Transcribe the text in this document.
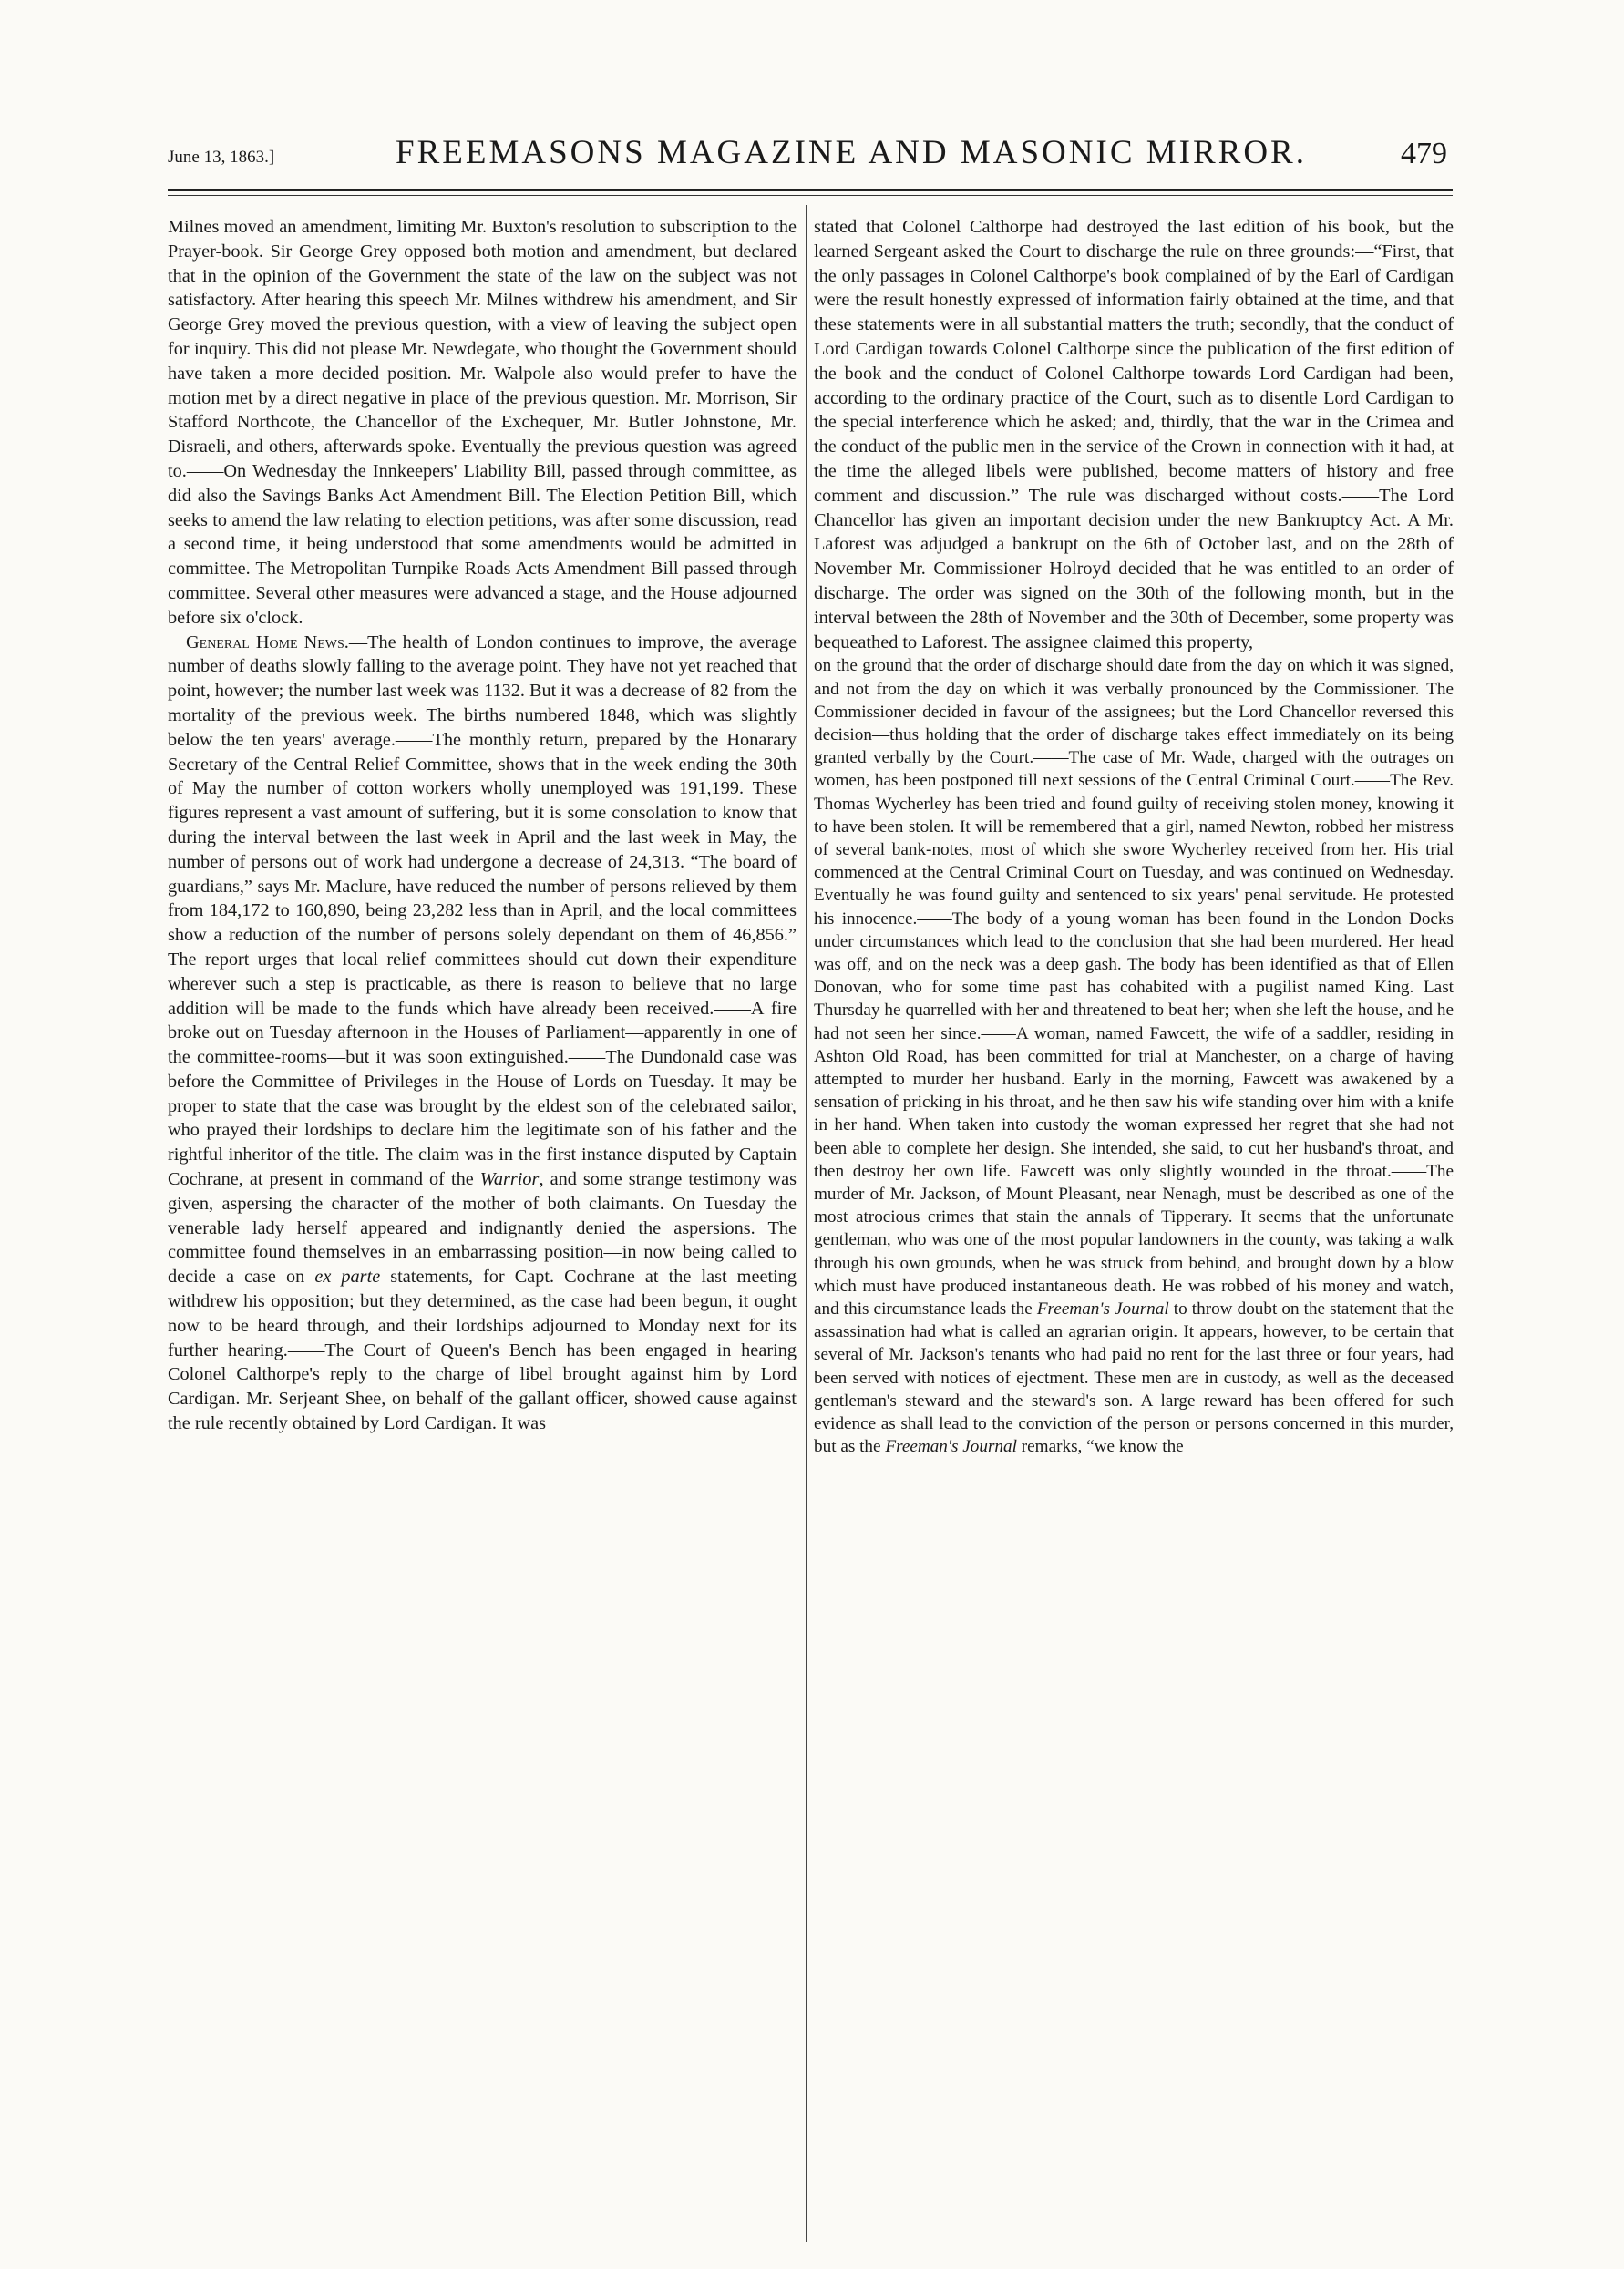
June 13, 1863.]	FREEMASONS MAGAZINE AND MASONIC MIRROR.	479

Milnes moved an amendment, limiting Mr. Buxton's resolution to subscription to the Prayer-book. Sir George Grey opposed both motion and amendment, but declared that in the opinion of the Government the state of the law on the subject was not satisfactory. After hearing this speech Mr. Milnes withdrew his amendment, and Sir George Grey moved the previous question, with a view of leaving the subject open for inquiry. This did not please Mr. Newdegate, who thought the Government should have taken a more decided position. Mr. Walpole also would prefer to have the motion met by a direct negative in place of the previous question. Mr. Morrison, Sir Stafford Northcote, the Chancellor of the Exchequer, Mr. Butler Johnstone, Mr. Disraeli, and others, afterwards spoke. Eventually the previous question was agreed to.——On Wednesday the Innkeepers' Liability Bill, passed through committee, as did also the Savings Banks Act Amendment Bill. The Election Petition Bill, which seeks to amend the law relating to election petitions, was after some discussion, read a second time, it being understood that some amendments would be admitted in committee. The Metropolitan Turnpike Roads Acts Amendment Bill passed through committee. Several other measures were advanced a stage, and the House adjourned before six o'clock.

General Home News.—The health of London continues to improve, the average number of deaths slowly falling to the average point. They have not yet reached that point, however; the number last week was 1132. But it was a decrease of 82 from the mortality of the previous week. The births numbered 1848, which was slightly below the ten years' average.——The monthly return, prepared by the Honarary Secretary of the Central Relief Committee, shows that in the week ending the 30th of May the number of cotton workers wholly unemployed was 191,199. These figures represent a vast amount of suffering, but it is some consolation to know that during the interval between the last week in April and the last week in May, the number of persons out of work had undergone a decrease of 24,313. “The board of guardians,” says Mr. Maclure, have reduced the number of persons relieved by them from 184,172 to 160,890, being 23,282 less than in April, and the local committees show a reduction of the number of persons solely dependant on them of 46,856.” The report urges that local relief committees should cut down their expenditure wherever such a step is practicable, as there is reason to believe that no large addition will be made to the funds which have already been received.——A fire broke out on Tuesday afternoon in the Houses of Parliament—apparently in one of the committee-rooms—but it was soon extinguished.——The Dundonald case was before the Committee of Privileges in the House of Lords on Tuesday. It may be proper to state that the case was brought by the eldest son of the celebrated sailor, who prayed their lordships to declare him the legitimate son of his father and the rightful inheritor of the title. The claim was in the first instance disputed by Captain Cochrane, at present in command of the Warrior, and some strange testimony was given, aspersing the character of the mother of both claimants. On Tuesday the venerable lady herself appeared and indignantly denied the aspersions. The committee found themselves in an embarrassing position—in now being called to decide a case on ex parte statements, for Capt. Cochrane at the last meeting withdrew his opposition; but they determined, as the case had been begun, it ought now to be heard through, and their lordships adjourned to Monday next for its further hearing.——The Court of Queen's Bench has been engaged in hearing Colonel Calthorpe's reply to the charge of libel brought against him by Lord Cardigan. Mr. Serjeant Shee, on behalf of the gallant officer, showed cause against the rule recently obtained by Lord Cardigan. It was

stated that Colonel Calthorpe had destroyed the last edition of his book, but the learned Sergeant asked the Court to discharge the rule on three grounds:—“First, that the only passages in Colonel Calthorpe's book complained of by the Earl of Cardigan were the result honestly expressed of information fairly obtained at the time, and that these statements were in all substantial matters the truth; secondly, that the conduct of Lord Cardigan towards Colonel Calthorpe since the publication of the first edition of the book and the conduct of Colonel Calthorpe towards Lord Cardigan had been, according to the ordinary practice of the Court, such as to disentle Lord Cardigan to the special interference which he asked; and, thirdly, that the war in the Crimea and the conduct of the public men in the service of the Crown in connection with it had, at the time the alleged libels were published, become matters of history and free comment and discussion.” The rule was discharged without costs.——The Lord Chancellor has given an important decision under the new Bankruptcy Act. A Mr. Laforest was adjudged a bankrupt on the 6th of October last, and on the 28th of November Mr. Commissioner Holroyd decided that he was entitled to an order of discharge. The order was signed on the 30th of the following month, but in the interval between the 28th of November and the 30th of December, some property was bequeathed to Laforest. The assignee claimed this property,

on the ground that the order of discharge should date from the day on which it was signed, and not from the day on which it was verbally pronounced by the Commissioner. The Commissioner decided in favour of the assignees; but the Lord Chancellor reversed this decision—thus holding that the order of discharge takes effect immediately on its being granted verbally by the Court.——The case of Mr. Wade, charged with the outrages on women, has been postponed till next sessions of the Central Criminal Court.——The Rev. Thomas Wycherley has been tried and found guilty of receiving stolen money, knowing it to have been stolen. It will be remembered that a girl, named Newton, robbed her mistress of several bank-notes, most of which she swore Wycherley received from her. His trial commenced at the Central Criminal Court on Tuesday, and was continued on Wednesday. Eventually he was found guilty and sentenced to six years' penal servitude. He protested his innocence.——The body of a young woman has been found in the London Docks under circumstances which lead to the conclusion that she had been murdered. Her head was off, and on the neck was a deep gash. The body has been identified as that of Ellen Donovan, who for some time past has cohabited with a pugilist named King. Last Thursday he quarrelled with her and threatened to beat her; when she left the house, and he had not seen her since.——A woman, named Fawcett, the wife of a saddler, residing in Ashton Old Road, has been committed for trial at Manchester, on a charge of having attempted to murder her husband. Early in the morning, Fawcett was awakened by a sensation of pricking in his throat, and he then saw his wife standing over him with a knife in her hand. When taken into custody the woman expressed her regret that she had not been able to complete her design. She intended, she said, to cut her husband's throat, and then destroy her own life. Fawcett was only slightly wounded in the throat.——The murder of Mr. Jackson, of Mount Pleasant, near Nenagh, must be described as one of the most atrocious crimes that stain the annals of Tipperary. It seems that the unfortunate gentleman, who was one of the most popular landowners in the county, was taking a walk through his own grounds, when he was struck from behind, and brought down by a blow which must have produced instantaneous death. He was robbed of his money and watch, and this circumstance leads the Freeman's Journal to throw doubt on the statement that the assassination had what is called an agrarian origin. It appears, however, to be certain that several of Mr. Jackson's tenants who had paid no rent for the last three or four years, had been served with notices of ejectment. These men are in custody, as well as the deceased gentleman's steward and the steward's son. A large reward has been offered for such evidence as shall lead to the conviction of the person or persons concerned in this murder, but as the Freeman's Journal remarks, “we know the
